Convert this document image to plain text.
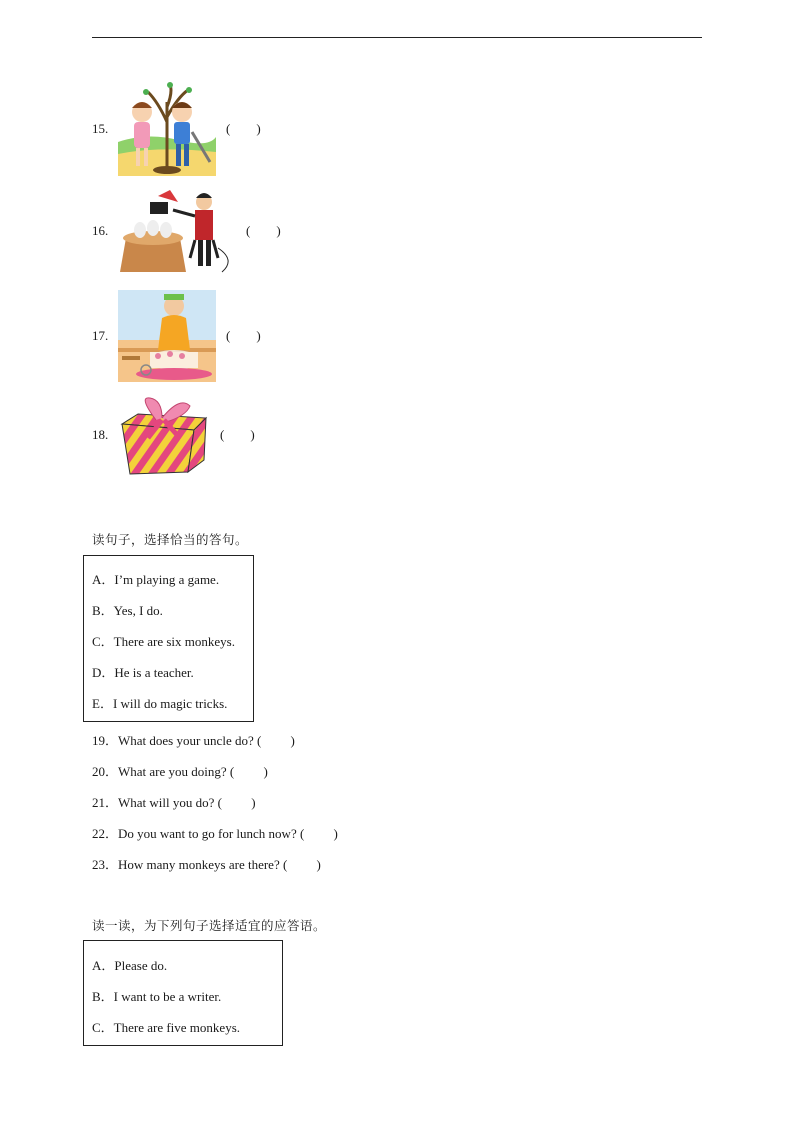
15.	(        )
16.	(        )
17.	(        )
18.	(        )
读句子，选择恰当的答句。
A．I’m playing a game.
B．Yes, I do.
C．There are six monkeys.
D．He is a teacher.
E．I will do magic tricks.
19．What does your uncle do? (         )
20．What are you doing? (         )
21．What will you do? (         )
22．Do you want to go for lunch now? (         )
23．How many monkeys are there? (         )
读一读，为下列句子选择适宜的应答语。
A．Please do.
B．I want to be a writer.
C．There are five monkeys.
